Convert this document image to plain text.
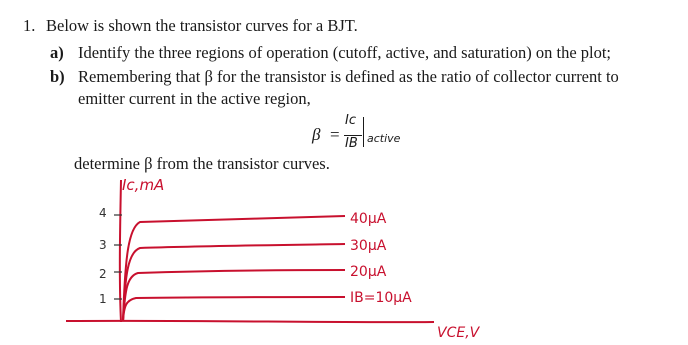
1. Below is shown the transistor curves for a BJT.
a) Identify the three regions of operation (cutoff, active, and saturation) on the plot;
b) Remembering that β for the transistor is defined as the ratio of collector current to
emitter current in the active region,
β =
Ic
IB active
determine β from the transistor curves.
Ic,mA
4
3
2
1
40μA
30μA
20μA
IB=10μA
VCE,V
